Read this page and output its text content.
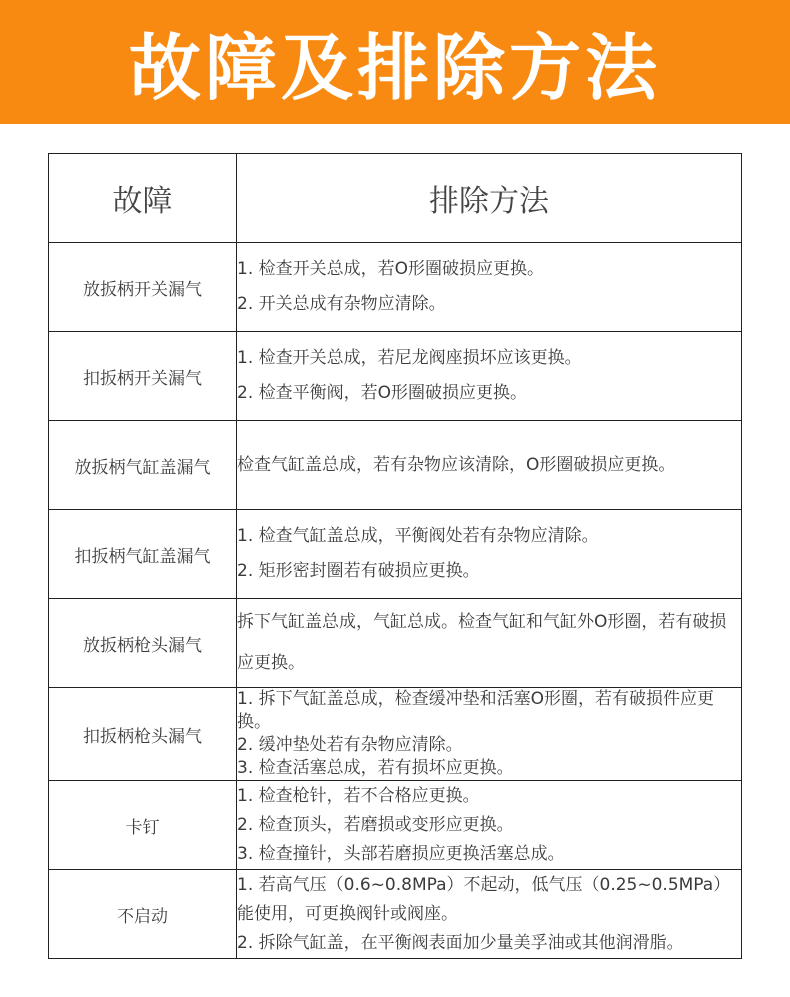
故障及排除方法
故障	排除方法
放扳柄开关漏气	1. 检查开关总成，若O形圈破损应更换。
2. 开关总成有杂物应清除。

扣扳柄开关漏气	1. 检查开关总成，若尼龙阀座损坏应该更换。
2. 检查平衡阀，若O形圈破损应更换。

放扳柄气缸盖漏气	检查气缸盖总成，若有杂物应该清除，O形圈破损应更换。

扣扳柄气缸盖漏气	1. 检查气缸盖总成，平衡阀处若有杂物应清除。
2. 矩形密封圈若有破损应更换。

放扳柄枪头漏气	拆下气缸盖总成，气缸总成。检查气缸和气缸外O形圈，若有破损应更换。

扣扳柄枪头漏气	1. 拆下气缸盖总成，检查缓冲垫和活塞O形圈，若有破损件应更换。
2. 缓冲垫处若有杂物应清除。
3. 检查活塞总成，若有损坏应更换。

卡钉	1. 检查枪针，若不合格应更换。
2. 检查顶头，若磨损或变形应更换。
3. 检查撞针，头部若磨损应更换活塞总成。

不启动	1. 若高气压（0.6~0.8MPa）不起动，低气压（0.25~0.5MPa）能使用，可更换阀针或阀座。
2. 拆除气缸盖，在平衡阀表面加少量美孚油或其他润滑脂。
